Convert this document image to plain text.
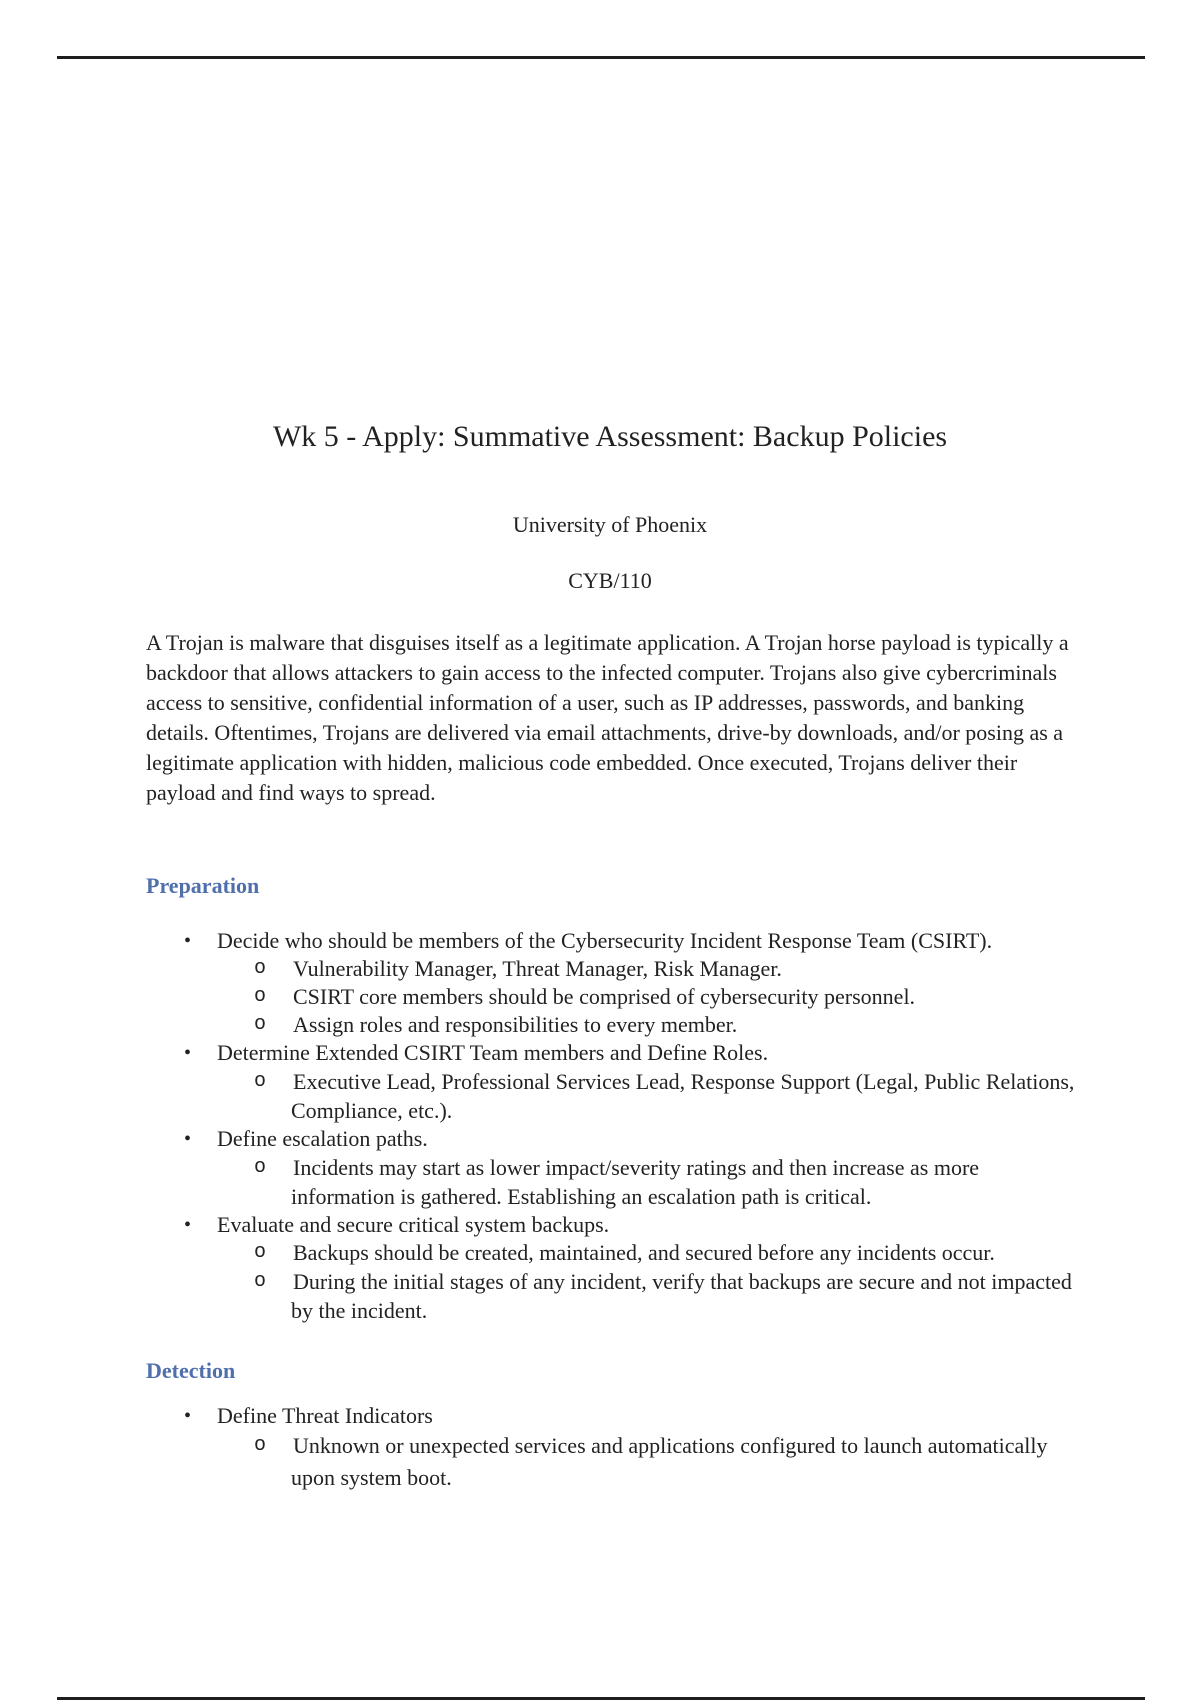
Wk 5 - Apply: Summative Assessment: Backup Policies
University of Phoenix
CYB/110
A Trojan is malware that disguises itself as a legitimate application. A Trojan horse payload is typically a backdoor that allows attackers to gain access to the infected computer. Trojans also give cybercriminals access to sensitive, confidential information of a user, such as IP addresses, passwords, and banking details. Oftentimes, Trojans are delivered via email attachments, drive-by downloads, and/or posing as a legitimate application with hidden, malicious code embedded. Once executed, Trojans deliver their payload and find ways to spread.
Preparation
• Decide who should be members of the Cybersecurity Incident Response Team (CSIRT).
o Vulnerability Manager, Threat Manager, Risk Manager.
o CSIRT core members should be comprised of cybersecurity personnel.
o Assign roles and responsibilities to every member.
• Determine Extended CSIRT Team members and Define Roles.
o Executive Lead, Professional Services Lead, Response Support (Legal, Public Relations, Compliance, etc.).
• Define escalation paths.
o Incidents may start as lower impact/severity ratings and then increase as more information is gathered. Establishing an escalation path is critical.
• Evaluate and secure critical system backups.
o Backups should be created, maintained, and secured before any incidents occur.
o During the initial stages of any incident, verify that backups are secure and not impacted by the incident.
Detection
• Define Threat Indicators
o Unknown or unexpected services and applications configured to launch automatically upon system boot.
